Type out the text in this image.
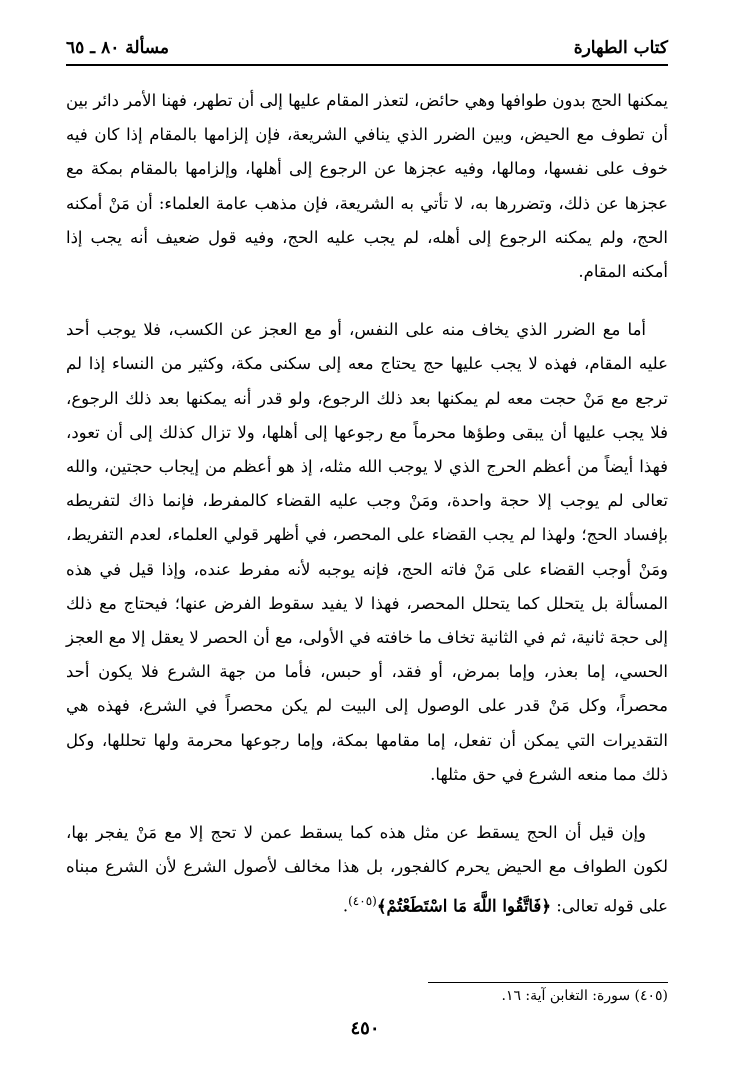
كتاب الطهارة
مسألة ٨٠ ـ ٦٥

يمكنها الحج بدون طوافها وهي حائض، لتعذر المقام عليها إلى أن تطهر، فهنا الأمر دائر بين أن تطوف مع الحيض، وبين الضرر الذي ينافي الشريعة، فإن إلزامها بالمقام إذا كان فيه خوف على نفسها، ومالها، وفيه عجزها عن الرجوع إلى أهلها، وإلزامها بالمقام بمكة مع عجزها عن ذلك، وتضررها به، لا تأتي به الشريعة، فإن مذهب عامة العلماء: أن مَنْ أمكنه الحج، ولم يمكنه الرجوع إلى أهله، لم يجب عليه الحج، وفيه قول ضعيف أنه يجب إذا أمكنه المقام.

أما مع الضرر الذي يخاف منه على النفس، أو مع العجز عن الكسب، فلا يوجب أحد عليه المقام، فهذه لا يجب عليها حج يحتاج معه إلى سكنى مكة، وكثير من النساء إذا لم ترجع مع مَنْ حجت معه لم يمكنها بعد ذلك الرجوع، ولو قدر أنه يمكنها بعد ذلك الرجوع، فلا يجب عليها أن يبقى وطؤها محرماً مع رجوعها إلى أهلها، ولا تزال كذلك إلى أن تعود، فهذا أيضاً من أعظم الحرج الذي لا يوجب الله مثله، إذ هو أعظم من إيجاب حجتين، والله تعالى لم يوجب إلا حجة واحدة، ومَنْ وجب عليه القضاء كالمفرط، فإنما ذاك لتفريطه بإفساد الحج؛ ولهذا لم يجب القضاء على المحصر، في أظهر قولي العلماء، لعدم التفريط، ومَنْ أوجب القضاء على مَنْ فاته الحج، فإنه يوجبه لأنه مفرط عنده، وإذا قيل في هذه المسألة بل يتحلل كما يتحلل المحصر، فهذا لا يفيد سقوط الفرض عنها؛ فيحتاج مع ذلك إلى حجة ثانية، ثم في الثانية تخاف ما خافته في الأولى، مع أن الحصر لا يعقل إلا مع العجز الحسي، إما بعذر، وإما بمرض، أو فقد، أو حبس، فأما من جهة الشرع فلا يكون أحد محصراً، وكل مَنْ قدر على الوصول إلى البيت لم يكن محصراً في الشرع، فهذه هي التقديرات التي يمكن أن تفعل، إما مقامها بمكة، وإما رجوعها محرمة ولها تحللها، وكل ذلك مما منعه الشرع في حق مثلها.

وإن قيل أن الحج يسقط عن مثل هذه كما يسقط عمن لا تحج إلا مع مَنْ يفجر بها، لكون الطواف مع الحيض يحرم كالفجور، بل هذا مخالف لأصول الشرع لأن الشرع مبناه على قوله تعالى: ﴿فَاتَّقُوا اللَّهَ مَا اسْتَطَعْتُمْ﴾$^{(٤٠٥)}$.

(٤٠٥) سورة: التغابن آية: ١٦.
٤٥٠
